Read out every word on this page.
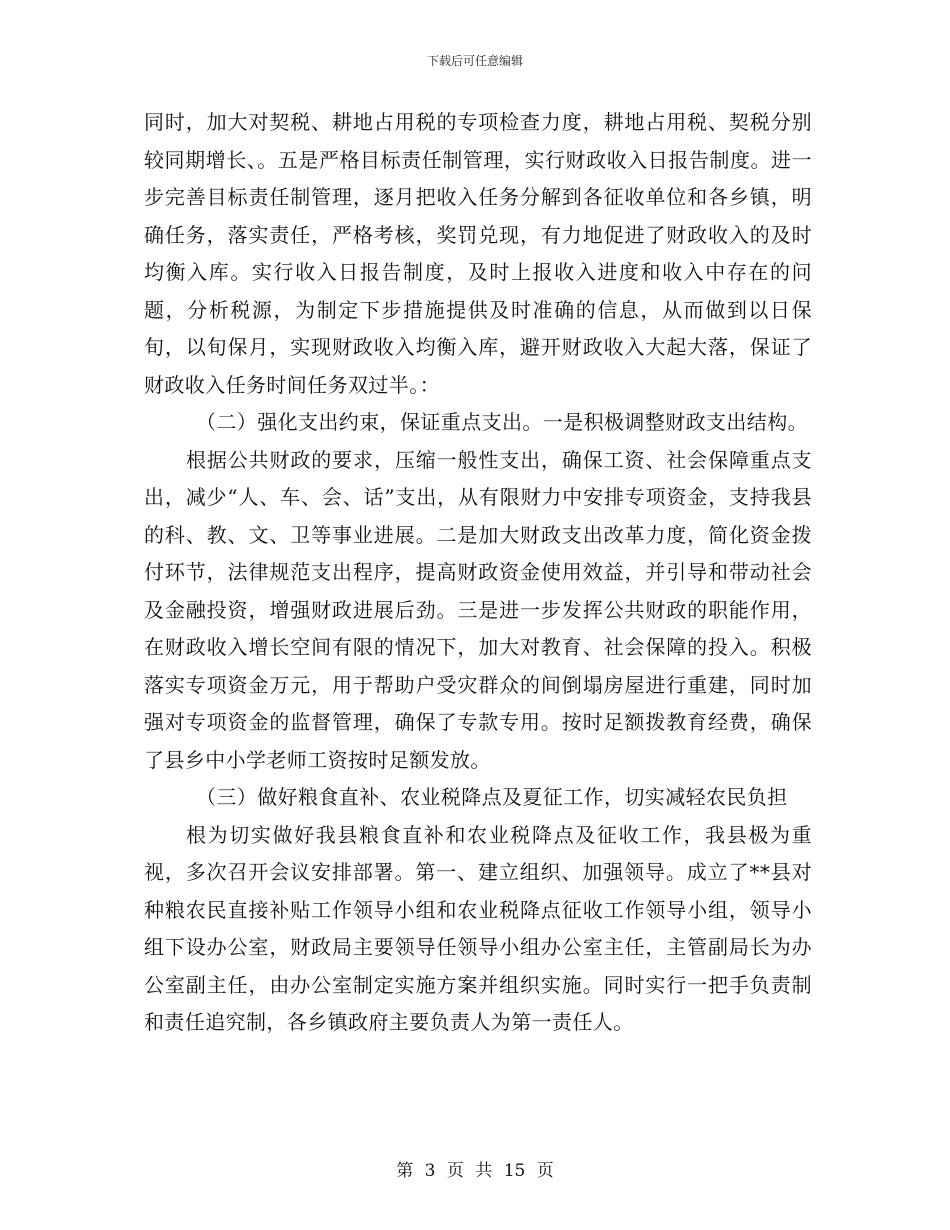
下载后可任意编辑

同时，加大对契税、耕地占用税的专项检查力度，耕地占用税、契税分别较同期增长、。五是严格目标责任制管理，实行财政收入日报告制度。进一步完善目标责任制管理，逐月把收入任务分解到各征收单位和各乡镇，明确任务，落实责任，严格考核，奖罚兑现，有力地促进了财政收入的及时均衡入库。实行收入日报告制度，及时上报收入进度和收入中存在的问题，分析税源，为制定下步措施提供及时准确的信息，从而做到以日保旬，以旬保月，实现财政收入均衡入库，避开财政收入大起大落，保证了财政收入任务时间任务双过半。：

（二）强化支出约束，保证重点支出。一是积极调整财政支出结构。

根据公共财政的要求，压缩一般性支出，确保工资、社会保障重点支出，减少“人、车、会、话”支出，从有限财力中安排专项资金，支持我县的科、教、文、卫等事业进展。二是加大财政支出改革力度，简化资金拨付环节，法律规范支出程序，提高财政资金使用效益，并引导和带动社会及金融投资，增强财政进展后劲。三是进一步发挥公共财政的职能作用，在财政收入增长空间有限的情况下，加大对教育、社会保障的投入。积极落实专项资金万元，用于帮助户受灾群众的间倒塌房屋进行重建，同时加强对专项资金的监督管理，确保了专款专用。按时足额拨教育经费，确保了县乡中小学老师工资按时足额发放。

（三）做好粮食直补、农业税降点及夏征工作，切实减轻农民负担

根为切实做好我县粮食直补和农业税降点及征收工作，我县极为重视，多次召开会议安排部署。第一、建立组织、加强领导。成立了**县对种粮农民直接补贴工作领导小组和农业税降点征收工作领导小组，领导小组下设办公室，财政局主要领导任领导小组办公室主任，主管副局长为办公室副主任，由办公室制定实施方案并组织实施。同时实行一把手负责制和责任追究制，各乡镇政府主要负责人为第一责任人。

第 3 页 共 15 页
